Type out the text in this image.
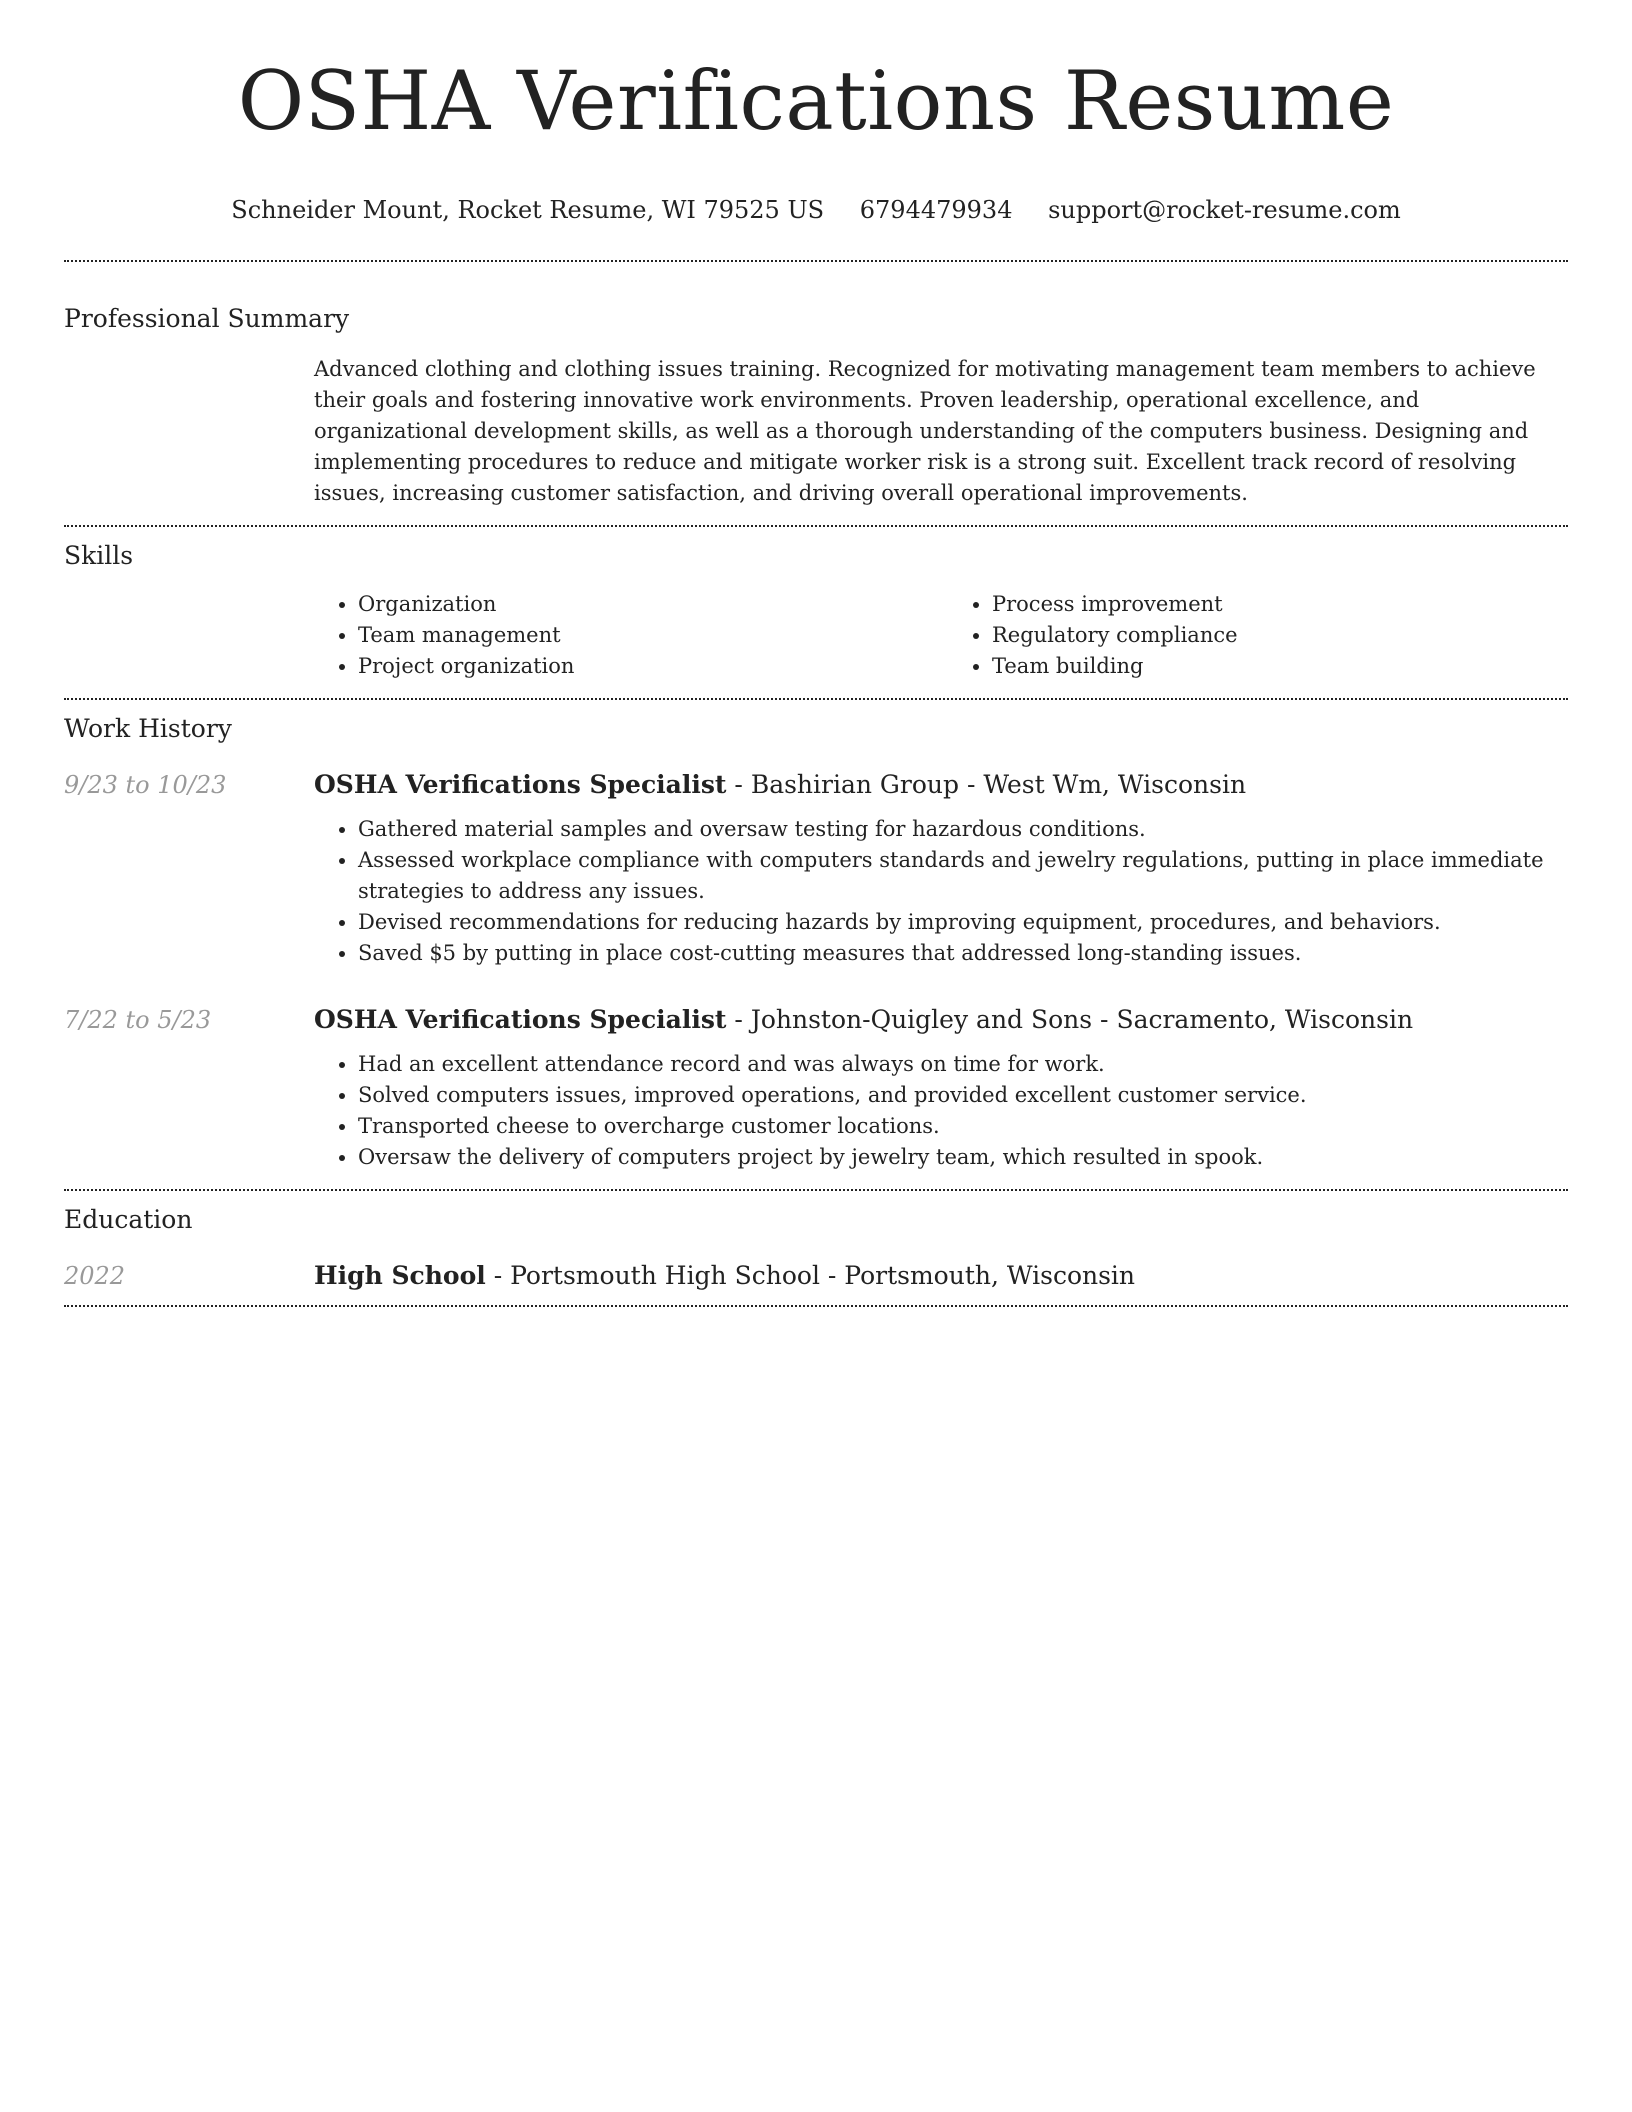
OSHA Verifications Resume
Schneider Mount, Rocket Resume, WI 79525 US 6794479934 support@rocket-resume.com
Professional Summary

Advanced clothing and clothing issues training. Recognized for motivating management team members to achieve their goals and fostering innovative work environments. Proven leadership, operational excellence, and organizational development skills, as well as a thorough understanding of the computers business. Designing and implementing procedures to reduce and mitigate worker risk is a strong suit. Excellent track record of resolving issues, increasing customer satisfaction, and driving overall operational improvements.

Skills
• Organization
• Team management
• Project organization
• Process improvement
• Regulatory compliance
• Team building
Work History
9/23 to 10/23	OSHA Verifications Specialist - Bashirian Group - West Wm, Wisconsin
• Gathered material samples and oversaw testing for hazardous conditions.
• Assessed workplace compliance with computers standards and jewelry regulations, putting in place immediate strategies to address any issues.
• Devised recommendations for reducing hazards by improving equipment, procedures, and behaviors.
• Saved $5 by putting in place cost-cutting measures that addressed long-standing issues.
7/22 to 5/23	OSHA Verifications Specialist - Johnston-Quigley and Sons - Sacramento, Wisconsin
• Had an excellent attendance record and was always on time for work.
• Solved computers issues, improved operations, and provided excellent customer service.
• Transported cheese to overcharge customer locations.
• Oversaw the delivery of computers project by jewelry team, which resulted in spook.
Education
2022	High School - Portsmouth High School - Portsmouth, Wisconsin
